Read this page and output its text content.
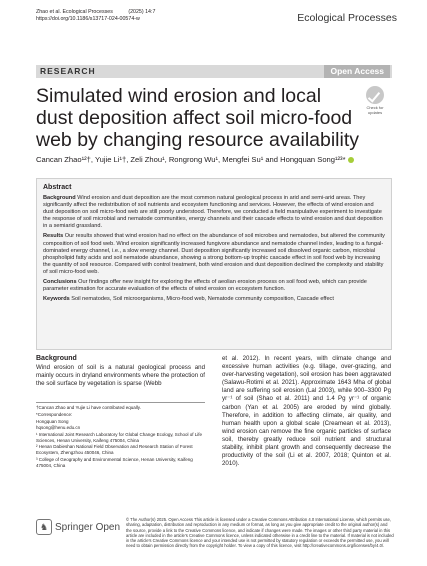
Zhao et al. Ecological Processes	(2025) 14:7
https://doi.org/10.1186/s13717-024-00574-w	Ecological Processes
RESEARCH	Open Access
Simulated wind erosion and local dust deposition affect soil micro-food web by changing resource availability
Check for updates
Cancan Zhao¹²†, Yujie Li¹†, Zeli Zhou¹, Rongrong Wu¹, Mengfei Su¹ and Hongquan Song¹²³*
Abstract

Background Wind erosion and dust deposition are the most common natural geological process in arid and semi-arid areas. They significantly affect the redistribution of soil nutrients and ecosystem functioning and services. However, the effects of wind erosion and dust deposition on soil micro-food web are still poorly understood. Therefore, we conducted a field manipulative experiment to investigate the response of soil microbial and nematode communities, energy channels and their cascade effects to wind erosion and dust deposition in a semiarid grassland.

Results Our results showed that wind erosion had no effect on the abundance of soil microbes and nematodes, but altered the community composition of soil food web. Wind erosion significantly increased fungivore abundance and nematode channel index, leading to a fungal-dominated energy channel, i.e., a slow energy channel. Dust deposition significantly increased soil dissolved organic carbon, microbial phospholipid fatty acids and soil nematode abundance, showing a strong bottom-up trophic cascade effect in soil food web by increasing the quantity of soil resource. Compared with control treatment, both wind erosion and dust deposition declined the complexity and stability of soil micro-food web.

Conclusions Our findings offer new insight for exploring the effects of aeolian erosion process on soil food web, which can provide parameter estimation for accurate evaluation of the effects of wind erosion on ecosystem function.

Keywords Soil nematodes, Soil microorganisms, Micro-food web, Nematode community composition, Cascade effect

Background
Wind erosion of soil is a natural geological process and mainly occurs in dryland environments where the protection of the soil surface by vegetation is sparse (Webb
†Cancan Zhao and Yujie Li have contributed equally.
*Correspondence:
Hongquan Song
hqsong@henu.edu.cn
¹ International Joint Research Laboratory for Global Change Ecology, School of Life Sciences, Henan University, Kaifeng 475004, China
² Henan Dabieshan National Field Observation and Research Station of Forest Ecosystem, Zhengzhou 450046, China
³ College of Geography and Environmental Science, Henan University, Kaifeng 475004, China
et al. 2012). In recent years, with climate change and excessive human activities (e.g. tillage, over-grazing, and over-harvesting vegetation), soil erosion has been aggravated (Salawu-Rotimi et al. 2021). Approximate 1643 Mha of global land are suffering soil erosion (Lal 2003), while 900–3300 Pg yr⁻¹ of soil (Shao et al. 2011) and 1.4 Pg yr⁻¹ of organic carbon (Yan et al. 2005) are eroded by wind globally. Therefore, in addition to affecting climate, air quality, and human health upon a global scale (Creamean et al. 2013), wind erosion can remove the fine organic particles of surface soil, thereby greatly reduce soil nutrient and structural stability, inhibit plant growth and consequently decrease the productivity of the soil (Li et al. 2007, 2018; Quinton et al. 2010).
♞ Springer Open
© The Author(s) 2025. Open Access This article is licensed under a Creative Commons Attribution 4.0 International License, which permits use, sharing, adaptation, distribution and reproduction in any medium or format, as long as you give appropriate credit to the original author(s) and the source, provide a link to the Creative Commons licence, and indicate if changes were made. The images or other third party material in this article are included in the article's Creative Commons licence, unless indicated otherwise in a credit line to the material. If material is not included in the article's Creative Commons licence and your intended use is not permitted by statutory regulation or exceeds the permitted use, you will need to obtain permission directly from the copyright holder. To view a copy of this licence, visit http://creativecommons.org/licenses/by/4.0/.
